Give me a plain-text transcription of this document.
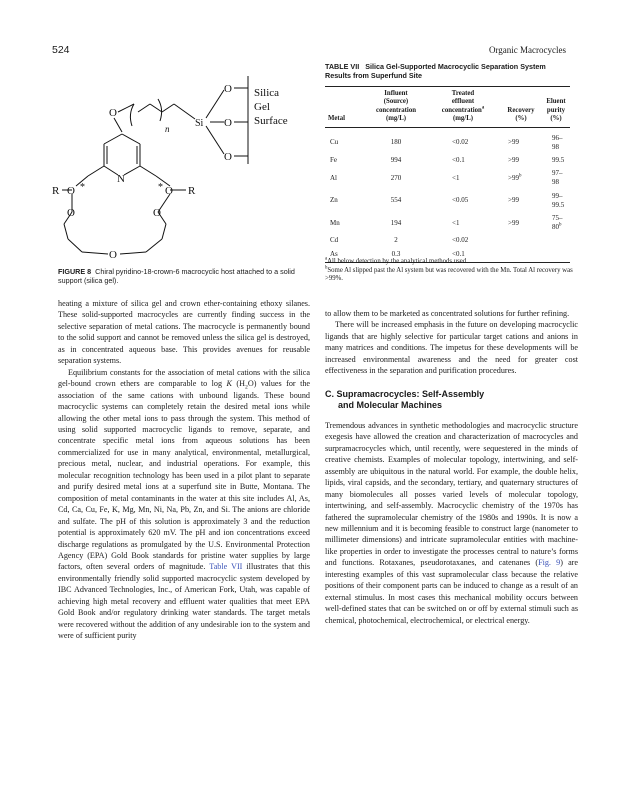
524	Organic Macrocycles
O
O
O
Si
Silica
Gel
Surface
O
n
N
O	O
R	R
*	*
O	O
O
FIGURE 8 Chiral pyridino-18-crown-6 macrocyclic host attached to a solid support (silica gel).
TABLE VII Silica Gel-Supported Macrocyclic Separation System Results from Superfund Site
Metal	Influent
(Source)
concentration
(mg/L)	Treated
effluent
concentration$^a$
(mg/L)	Recovery
(%)	Eluent
purity (%)
Cu	180	<0.02	>99	96–98
Fe	994	<0.1	>99	99.5
Al	270	<1	$>99^b$	97–98
Zn	554	<0.05	>99	99–99.5
Mn	194	<1	>99	75–80$^b$
Cd	2	<0.02		
As	0.3	<0.1		
$^a$All below detection by the analytical methods used.
$^b$Some Al slipped past the Al system but was recovered with the Mn. Total Al recovery was >99%.

heating a mixture of silica gel and crown ether-containing ethoxy silanes. These solid-supported macrocycles are currently finding success in the selective separation of metal cations. The macrocycle is permanently bound to the solid support and cannot be removed unless the silica gel is destroyed, as in concentrated aqueous base. This provides avenues for reusable separation systems.

Equilibrium constants for the association of metal cations with the silica gel-bound crown ethers are comparable to log K $(H_2O)$ values for the association of the same cations with unbound ligands. These bound macrocyclic systems can completely retain the desired metal ions while allowing the other metal ions to pass through the system. This method of using solid supported macrocyclic ligands to remove, separate, and concentrate specific metal ions from aqueous solutions has been commercialized for use in many analytical, environmental, metallurgical, precious metal, nuclear, and industrial operations. For example, this molecular recognition technology has been used in a pilot plant to separate and purify desired metal ions at a superfund site in Butte, Montana. The composition of metal contaminants in the water at this site includes Al, As, Cd, Ca, Cu, Fe, K, Mg, Mn, Ni, Na, Pb, Zn, and Si. The anions are chloride and sulfate. The pH of this solution is approximately 3 and the reduction potential is approximately 620 mV. The pH and ion concentrations exceed discharge regulations as promulgated by the U.S. Environmental Protection Agency (EPA) Gold Book standards for pristine water supplies by large factors, often several orders of magnitude. Table VII illustrates that this environmentally friendly solid supported macrocyclic system developed by IBC Advanced Technologies, Inc., of American Fork, Utah, was capable of achieving high metal recovery and effluent water qualities that meet EPA Gold Book and/or regulatory drinking water standards. The target metals were recovered without the addition of any undesirable ion to the system and were of sufficient purity

to allow them to be marketed as concentrated solutions for further refining.

There will be increased emphasis in the future on developing macrocyclic ligands that are highly selective for particular target cations and anions in many matrices and conditions. The impetus for these developments will be increased environmental awareness and the need for greater cost effectiveness in the separation and purification procedures.

C. Supramacrocycles: Self-Assembly
and Molecular Machines

Tremendous advances in synthetic methodologies and macrocyclic structure exegesis have allowed the creation and characterization of macrocycles and surpramacrocycles which, until recently, were sequestered in the minds of creative chemists. Examples of molecular topology, intertwining, and self-assembly are ubiquitous in the natural world. For example, the double helix, lipids, viral capsids, and the secondary, tertiary, and quaternary structures of many biomolecules all posses varied levels of molecular topology, intertwining, and self-assembly. Macrocyclic chemistry of the 1970s has fathered the supramolecular chemistry of the 1980s and 1990s. It is now a new millennium and it is becoming feasible to construct large (nanometer to millimeter dimensions) and intricate supramolecular entities with machine-like properties in order to investigate the processes central to nature’s forms and functions. Rotaxanes, pseudorotaxanes, and catenanes (Fig. 9) are interesting examples of this vast supramolecular class because the relative positions of their component parts can be induced to change as a result of an external stimulus. In most cases this mechanical mobility occurs between well-defined states that can be switched on or off by external stimuli such as chemical, photochemical, electrochemical, or electrical energy.
